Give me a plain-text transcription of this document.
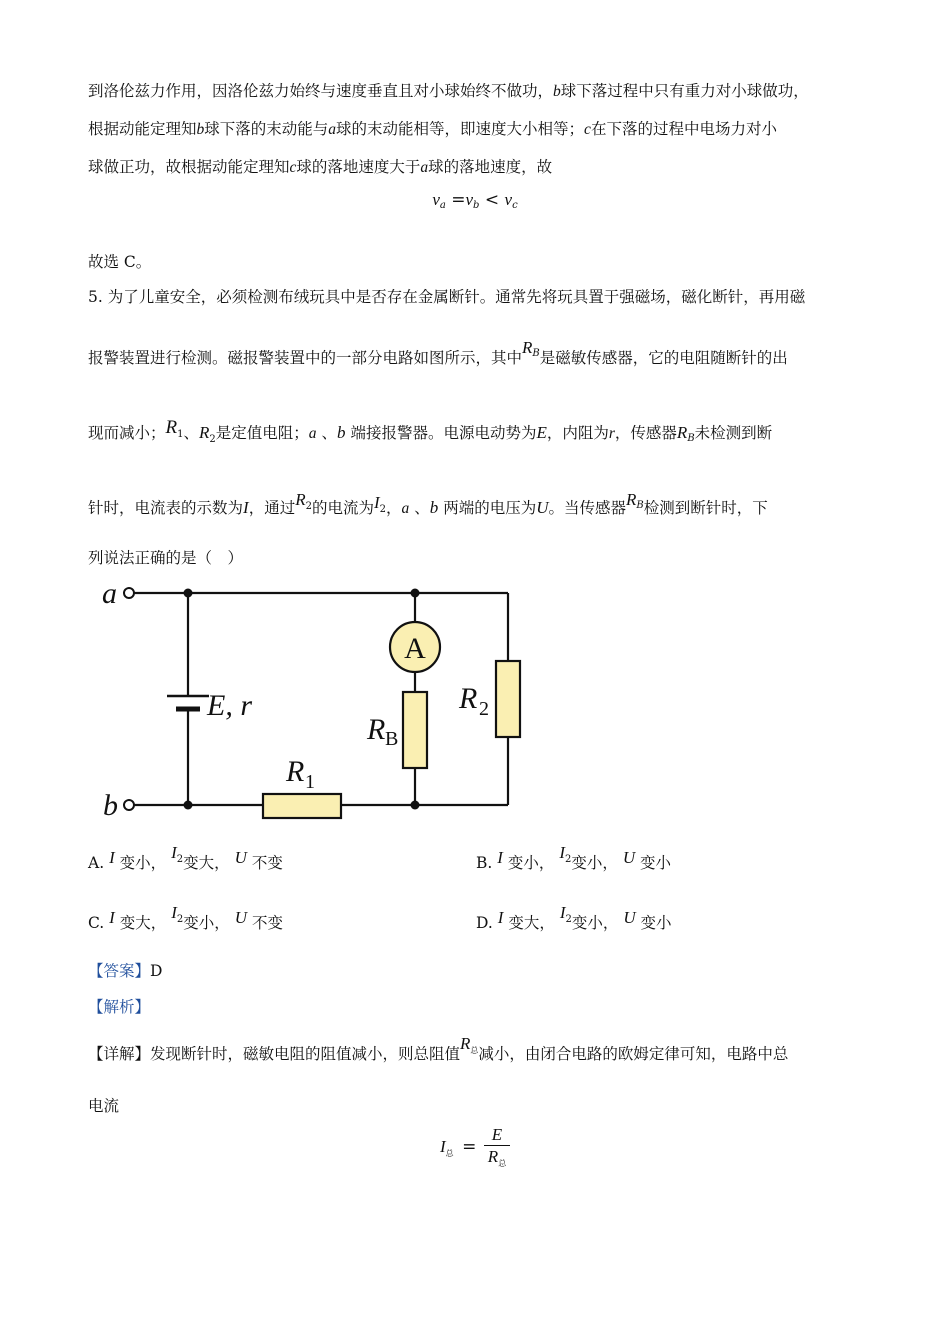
到洛伦兹力作用，因洛伦兹力始终与速度垂直且对小球始终不做功，b球下落过程中只有重力对小球做功，
根据动能定理知b球下落的末动能与a球的末动能相等，即速度大小相等；c在下落的过程中电场力对小
球做正功，故根据动能定理知c球的落地速度大于a球的落地速度，故
$v_a =v_b < v_c$
故选 C。
5. 为了儿童安全，必须检测布绒玩具中是否存在金属断针。通常先将玩具置于强磁场，磁化断针，再用磁
报警装置进行检测。磁报警装置中的一部分电路如图所示，其中$R_B$是磁敏传感器，它的电阻随断针的出
现而减小；$R_1$、$R_2$是定值电阻；a 、b 端接报警器。电源电动势为E，内阻为r，传感器$R_B$未检测到断
针时，电流表的示数为I，通过$R_2$的电流为$I_2$，a 、b 两端的电压为U。当传感器$R_B$检测到断针时，下
列说法正确的是（　）
A
a
b
E, r
R B
R 2
R 1
A. I 变小， $I_2$变大， U 不变	B. I 变小， $I_2$变小， U 变小
C. I 变大， $I_2$变小， U 不变	D. I 变大， $I_2$变小， U 变小
【答案】D
【解析】
【详解】发现断针时，磁敏电阻的阻值减小，则总阻值$R_总$减小，由闭合电路的欧姆定律可知，电路中总
电流
$I_总$ =
E
$R_总$
